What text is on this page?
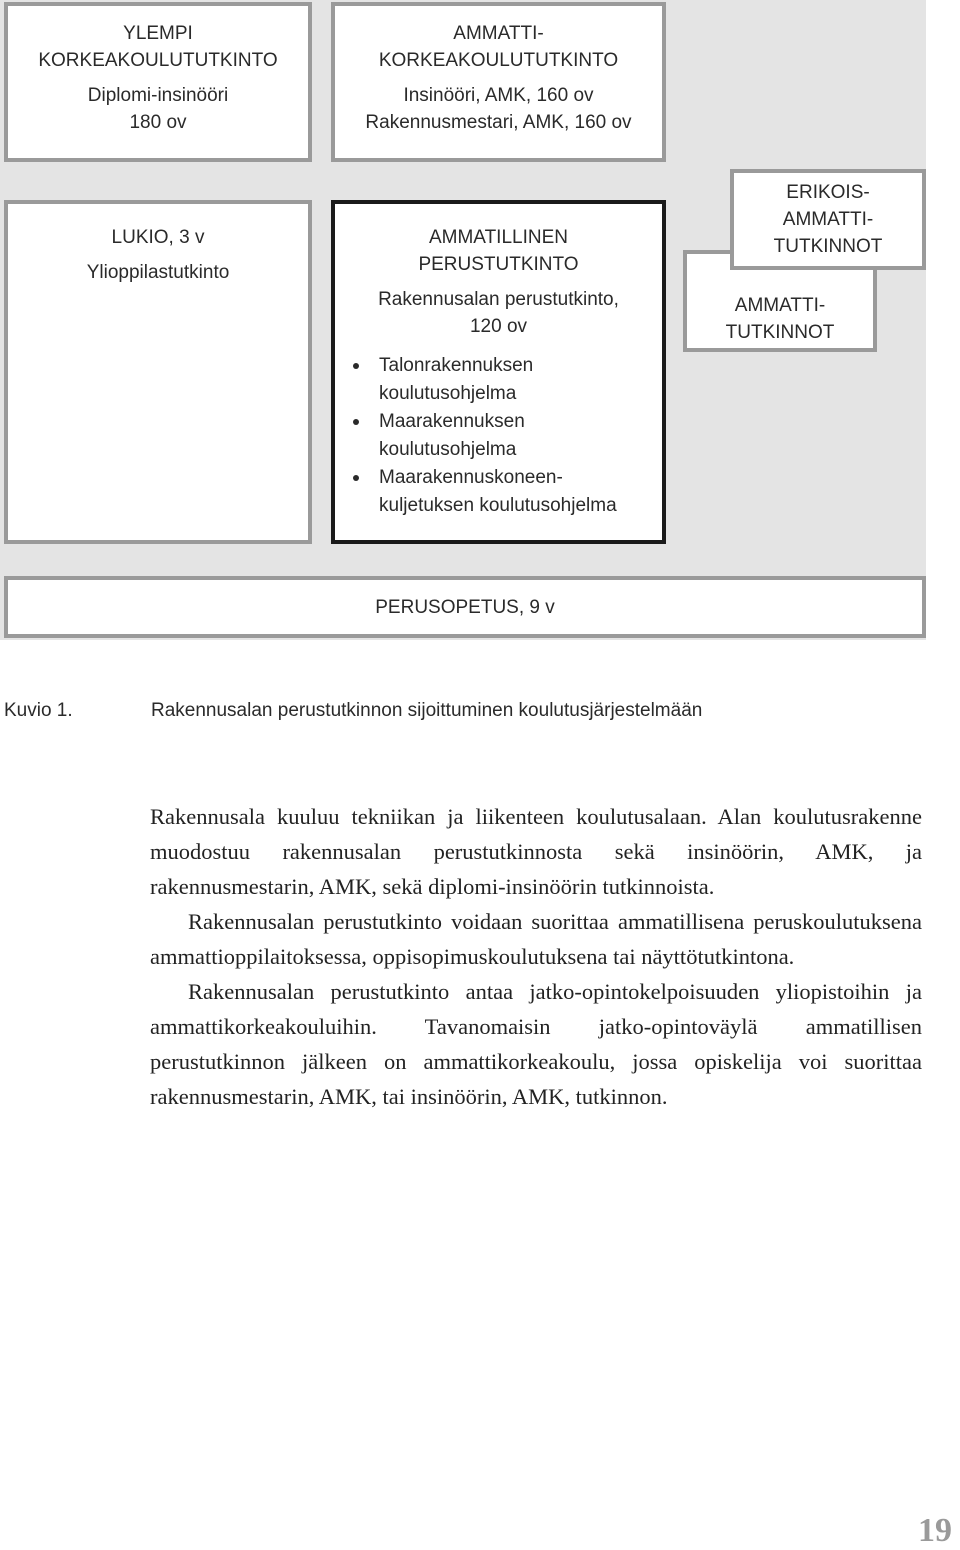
YLEMPI

KORKEAKOULUTUTKINTO

Diplomi-insinööri

180 ov

AMMATTI-

KORKEAKOULUTUTKINTO

Insinööri, AMK, 160 ov

Rakennusmestari, AMK, 160 ov

LUKIO, 3 v

Ylioppilastutkinto

AMMATILLINEN

PERUSTUTKINTO

Rakennusalan perustutkinto,

120 ov

Talonrakennuksen
koulutusohjelma
Maarakennuksen
koulutusohjelma
Maarakennuskoneen-
kuljetuksen koulutusohjelma

AMMATTI-

TUTKINNOT

ERIKOIS-

AMMATTI-

TUTKINNOT

PERUSOPETUS, 9 v

Kuvio 1.	Rakennusalan perustutkinnon sijoittuminen koulutusjärjestelmään

Rakennusala kuuluu tekniikan ja liikenteen koulutusalaan. Alan koulutusrakenne muodostuu rakennusalan perustutkinnosta sekä insinöörin, AMK, ja rakennusmestarin, AMK, sekä diplomi-insinöörin tutkinnoista.

Rakennusalan perustutkinto voidaan suorittaa ammatillisena peruskoulutuksena ammattioppilaitoksessa, oppisopimuskoulutuksena tai näyttötutkintona.

Rakennusalan perustutkinto antaa jatko-opintokelpoisuuden yliopistoihin ja ammattikorkeakouluihin. Tavanomaisin jatko-opintoväylä ammatillisen perustutkinnon jälkeen on ammattikorkeakoulu, jossa opiskelija voi suorittaa rakennusmestarin, AMK, tai insinöörin, AMK, tutkinnon.

19
